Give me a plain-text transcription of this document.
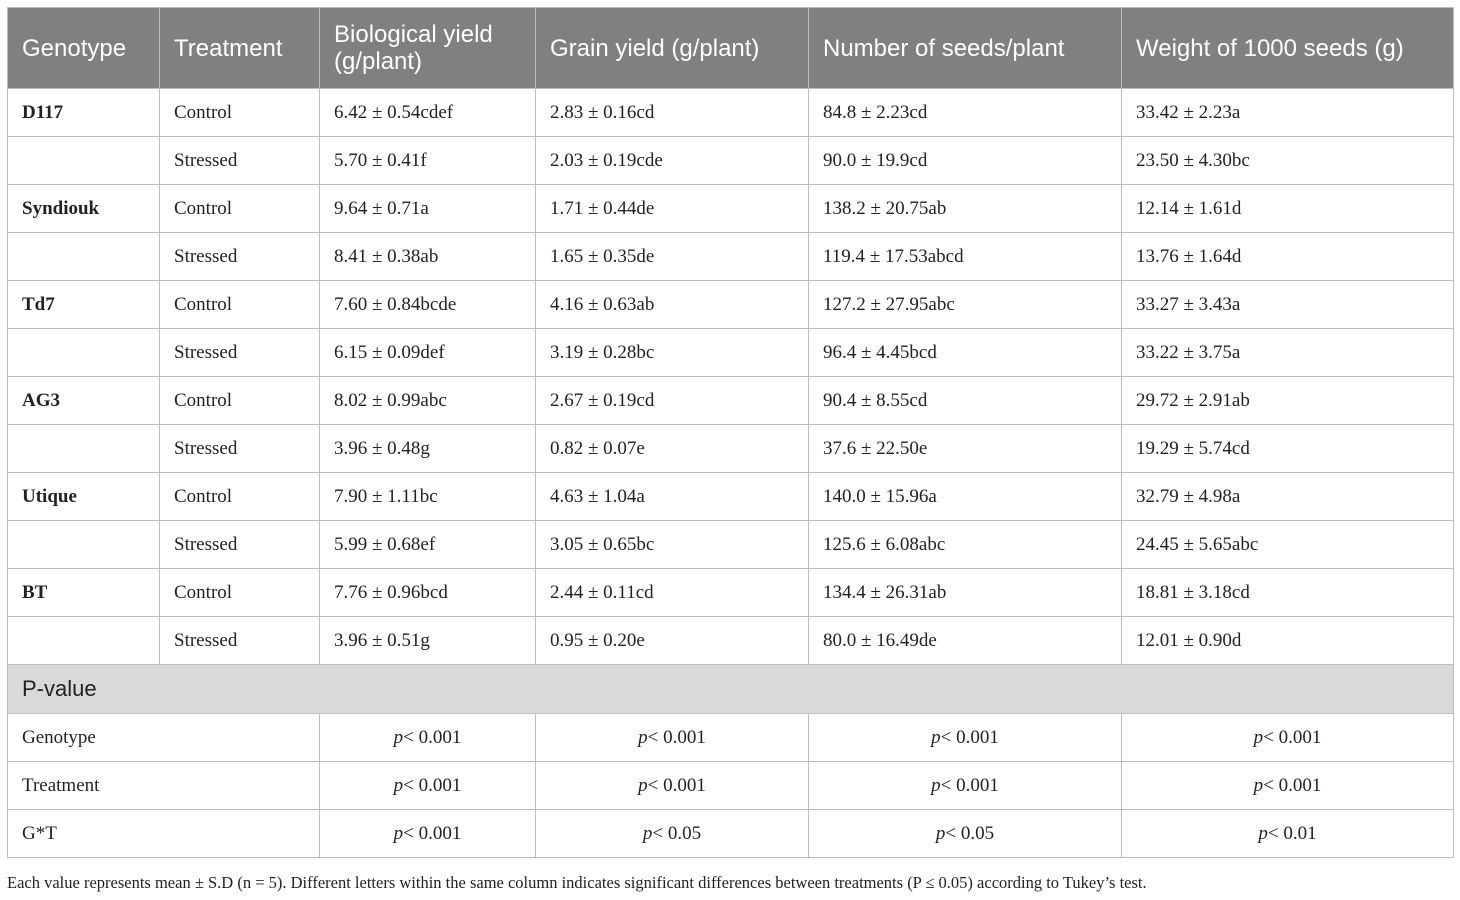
Genotype	Treatment	Biological yield (g/plant)	Grain yield (g/plant)	Number of seeds/plant	Weight of 1000 seeds (g)
D117	Control	6.42 ± 0.54cdef	2.83 ± 0.16cd	84.8 ± 2.23cd	33.42 ± 2.23a
	Stressed	5.70 ± 0.41f	2.03 ± 0.19cde	90.0 ± 19.9cd	23.50 ± 4.30bc
Syndiouk	Control	9.64 ± 0.71a	1.71 ± 0.44de	138.2 ± 20.75ab	12.14 ± 1.61d
	Stressed	8.41 ± 0.38ab	1.65 ± 0.35de	119.4 ± 17.53abcd	13.76 ± 1.64d
Td7	Control	7.60 ± 0.84bcde	4.16 ± 0.63ab	127.2 ± 27.95abc	33.27 ± 3.43a
	Stressed	6.15 ± 0.09def	3.19 ± 0.28bc	96.4 ± 4.45bcd	33.22 ± 3.75a
AG3	Control	8.02 ± 0.99abc	2.67 ± 0.19cd	90.4 ± 8.55cd	29.72 ± 2.91ab
	Stressed	3.96 ± 0.48g	0.82 ± 0.07e	37.6 ± 22.50e	19.29 ± 5.74cd
Utique	Control	7.90 ± 1.11bc	4.63 ± 1.04a	140.0 ± 15.96a	32.79 ± 4.98a
	Stressed	5.99 ± 0.68ef	3.05 ± 0.65bc	125.6 ± 6.08abc	24.45 ± 5.65abc
BT	Control	7.76 ± 0.96bcd	2.44 ± 0.11cd	134.4 ± 26.31ab	18.81 ± 3.18cd
	Stressed	3.96 ± 0.51g	0.95 ± 0.20e	80.0 ± 16.49de	12.01 ± 0.90d
P-value					
Genotype		p< 0.001	p< 0.001	p< 0.001	p< 0.001
Treatment		p< 0.001	p< 0.001	p< 0.001	p< 0.001
G*T		p< 0.001	p< 0.05	p< 0.05	p< 0.01
Each value represents mean ± S.D (n = 5). Different letters within the same column indicates significant differences between treatments (P ≤ 0.05) according to Tukey’s test.
